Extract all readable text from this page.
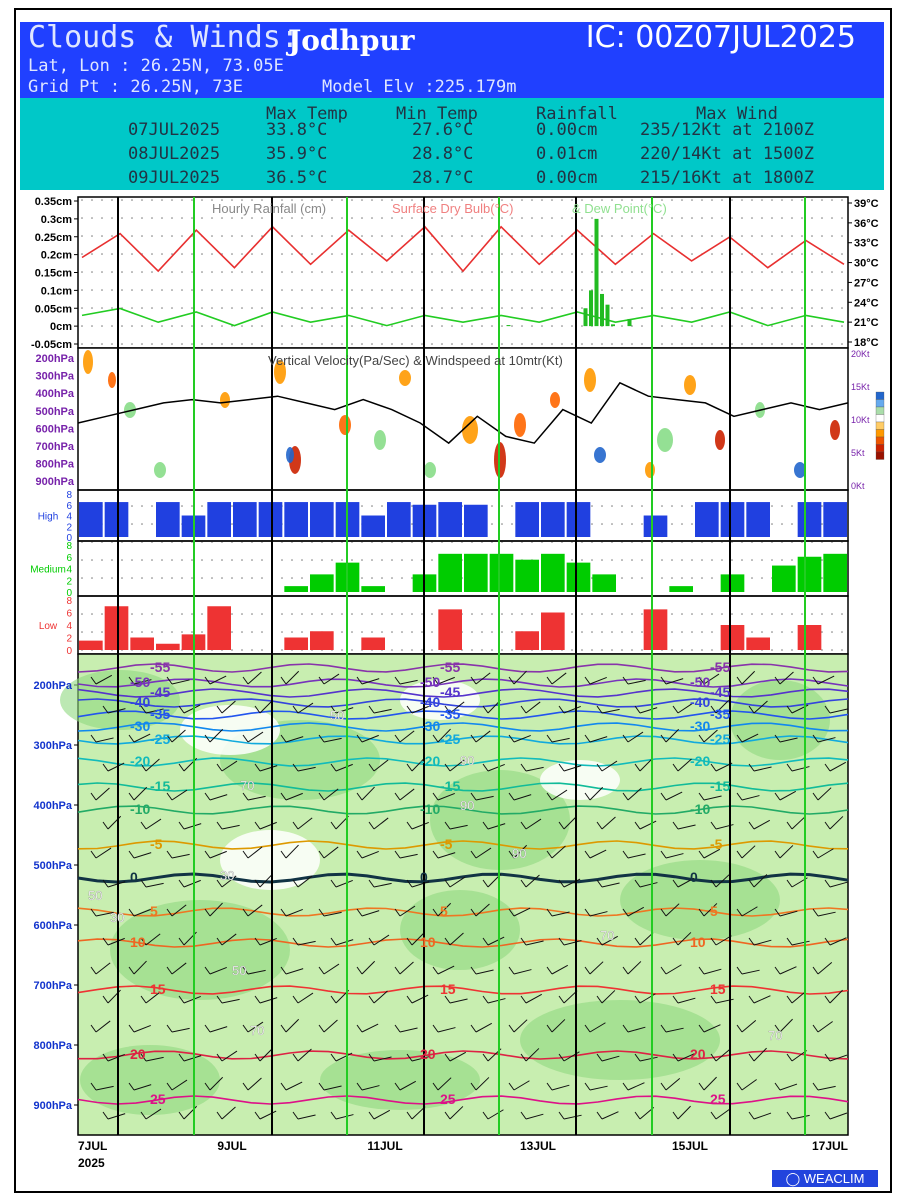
Clouds & Winds:
Jodhpur	IC: 00Z07JUL2025
Lat, Lon : 26.25N, 73.05E
Grid Pt : 26.25N, 73E	Model Elv :225.179m
Max Temp	Min Temp	Rainfall	Max Wind
07JUL2025	33.8°C	27.6°C	0.00cm	235/12Kt at 2100Z
08JUL2025	35.9°C	28.8°C	0.01cm	220/14Kt at 1500Z
09JUL2025	36.5°C	28.7°C	0.00cm	215/16Kt at 1800Z
0.35cm
0.3cm
0.25cm
0.2cm
0.15cm
0.1cm
0.05cm
0cm
-0.05cm
39°C
36°C
33°C
30°C
27°C
24°C
21°C
18°C
Hourly Rainfall (cm)	Surface Dry Bulb(°C)	& Dew Point(°C)
200hPa
300hPa
400hPa
500hPa
600hPa
700hPa
800hPa
900hPa
20Kt
15Kt
10Kt
5Kt
0Kt
Vertical Velocity(Pa/Sec) & Windspeed at 10mtr(Kt)
8
6
4
2
0
High
8
6
4
2
0
Medium
8
6
4
2
0
Low
-55	-55	-55
-50	-50	-50
-45	-45	-45
-40	-40	-40
-35	-35	-35
-30	-30	-30
-25	-25	-25
-20	-20	-20
-15	-15	-15
-10	-10	-10
-5	-5	-5
0	0	0
5	5	5
10	10	10
15	15	15
20	20	20
25	25	25
50
90
70
30
50
70
50
70
90
70
90
30
200hPa
300hPa
400hPa
500hPa
600hPa
700hPa
800hPa
900hPa
7JUL	9JUL	11JUL	13JUL	15JUL	17JUL
2025
◯ WEACLIM
